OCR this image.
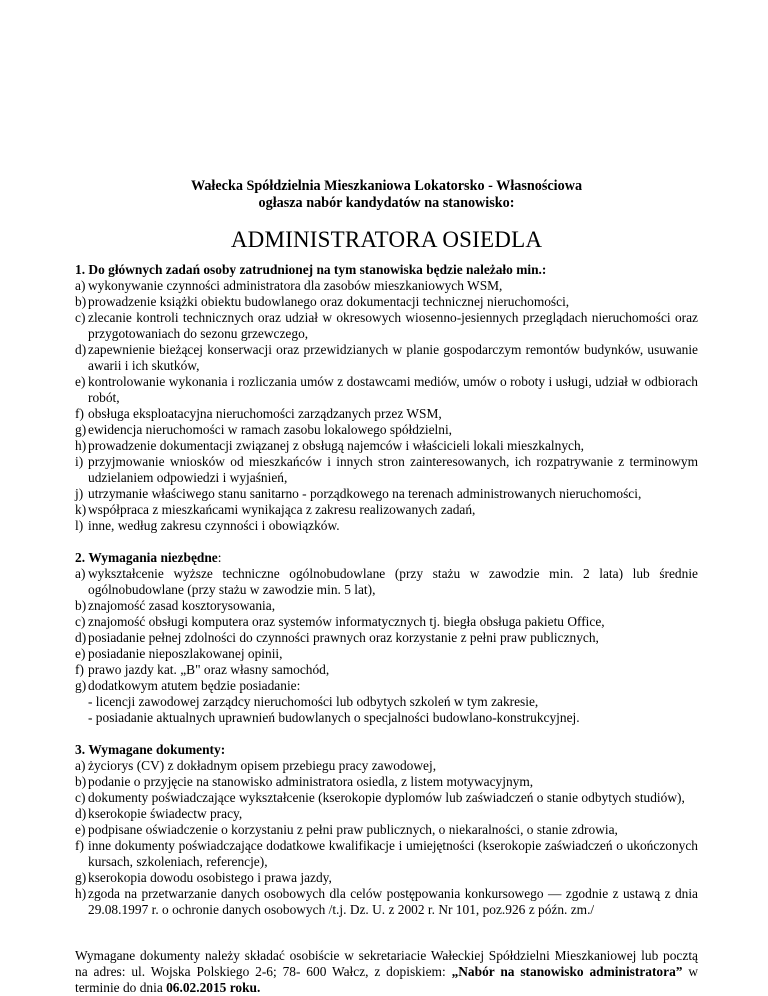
Wałecka Spółdzielnia Mieszkaniowa Lokatorsko - Własnościowa
ogłasza nabór kandydatów na stanowisko:
ADMINISTRATORA OSIEDLA
1. Do głównych zadań osoby zatrudnionej na tym stanowiska będzie należało min.:
a) wykonywanie czynności administratora dla zasobów mieszkaniowych WSM,
b) prowadzenie książki obiektu budowlanego oraz dokumentacji technicznej nieruchomości,
c) zlecanie kontroli technicznych oraz udział w okresowych wiosenno-jesiennych przeglądach nieruchomości oraz przygotowaniach do sezonu grzewczego,
d) zapewnienie bieżącej konserwacji oraz przewidzianych w planie gospodarczym remontów budynków, usuwanie awarii i ich skutków,
e) kontrolowanie wykonania i rozliczania umów z dostawcami mediów, umów o roboty i usługi, udział w odbiorach robót,
f) obsługa eksploatacyjna nieruchomości zarządzanych przez WSM,
g) ewidencja nieruchomości w ramach zasobu lokalowego spółdzielni,
h) prowadzenie dokumentacji związanej z obsługą najemców i właścicieli lokali mieszkalnych,
i) przyjmowanie wniosków od mieszkańców i innych stron zainteresowanych, ich rozpatrywanie z terminowym udzielaniem odpowiedzi i wyjaśnień,
j) utrzymanie właściwego stanu sanitarno - porządkowego na terenach administrowanych nieruchomości,
k) współpraca z mieszkańcami wynikająca z zakresu realizowanych zadań,
l) inne, według zakresu czynności i obowiązków.
2. Wymagania niezbędne:
a) wykształcenie wyższe techniczne ogólnobudowlane (przy stażu w zawodzie min. 2 lata) lub średnie ogólnobudowlane (przy stażu w zawodzie min. 5 lat),
b) znajomość zasad kosztorysowania,
c) znajomość obsługi komputera oraz systemów informatycznych tj. biegła obsługa pakietu Office,
d) posiadanie pełnej zdolności do czynności prawnych oraz korzystanie z pełni praw publicznych,
e) posiadanie nieposzlakowanej opinii,
f) prawo jazdy kat. „B" oraz własny samochód,
g) dodatkowym atutem będzie posiadanie:
- licencji zawodowej zarządcy nieruchomości lub odbytych szkoleń w tym zakresie,
- posiadanie aktualnych uprawnień budowlanych o specjalności budowlano-konstrukcyjnej.
3. Wymagane dokumenty:
a) życiorys (CV) z dokładnym opisem przebiegu pracy zawodowej,
b) podanie o przyjęcie na stanowisko administratora osiedla, z listem motywacyjnym,
c) dokumenty poświadczające wykształcenie (kserokopie dyplomów lub zaświadczeń o stanie odbytych studiów),
d) kserokopie świadectw pracy,
e) podpisane oświadczenie o korzystaniu z pełni praw publicznych, o niekaralności, o stanie zdrowia,
f) inne dokumenty poświadczające dodatkowe kwalifikacje i umiejętności (kserokopie zaświadczeń o ukończonych kursach, szkoleniach, referencje),
g) kserokopia dowodu osobistego i prawa jazdy,
h) zgoda na przetwarzanie danych osobowych dla celów postępowania konkursowego — zgodnie z ustawą z dnia 29.08.1997 r. o ochronie danych osobowych /t.j. Dz. U. z 2002 r. Nr 101, poz.926 z późn. zm./
Wymagane dokumenty należy składać osobiście w sekretariacie Wałeckiej Spółdzielni Mieszkaniowej lub pocztą na adres: ul. Wojska Polskiego 2-6; 78- 600 Wałcz, z dopiskiem: „Nabór na stanowisko administratora” w terminie do dnia 06.02.2015 roku.
